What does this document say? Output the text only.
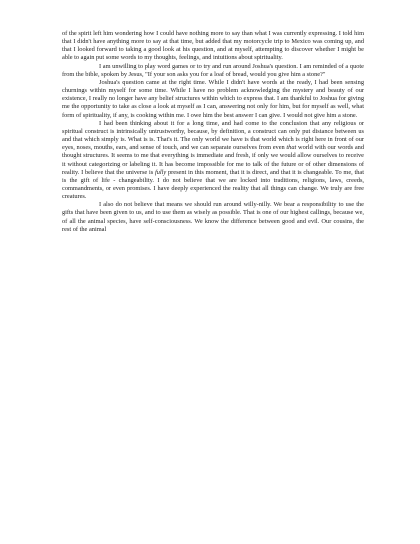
of the spirit left him wondering how I could have nothing more to say than what I was currently expressing. I told him that I didn't have anything more to say at that time, but added that my motorcycle trip to Mexico was coming up, and that I looked forward to taking a good look at his question, and at myself, attempting to discover whether I might be able to again put some words to my thoughts, feelings, and intuitions about spirituality.

I am unwilling to play word games or to try and run around Joshua's question. I am reminded of a quote from the bible, spoken by Jesus, "If your son asks you for a loaf of bread, would you give him a stone?"

Joshua's question came at the right time. While I didn't have words at the ready, I had been sensing churnings within myself for some time. While I have no problem acknowledging the mystery and beauty of our existence, I really no longer have any belief structures within which to express that. I am thankful to Joshua for giving me the opportunity to take as close a look at myself as I can, answering not only for him, but for myself as well, what form of spirituality, if any, is cooking within me. I owe him the best answer I can give. I would not give him a stone.

I had been thinking about it for a long time, and had come to the conclusion that any religious or spiritual construct is intrinsically untrustworthy, because, by definition, a construct can only put distance between us and that which simply is. What is is. That's it. The only world we have is that world which is right here in front of our eyes, noses, mouths, ears, and sense of touch, and we can separate ourselves from even that world with our words and thought structures. It seems to me that everything is immediate and fresh, if only we would allow ourselves to receive it without categorizing or labeling it. It has become impossible for me to talk of the future or of other dimensions of reality. I believe that the universe is fully present in this moment, that it is direct, and that it is changeable. To me, that is the gift of life - changeability. I do not believe that we are locked into traditions, religions, laws, creeds, commandments, or even promises. I have deeply experienced the reality that all things can change. We truly are free creatures.

I also do not believe that means we should run around willy-nilly. We bear a responsibility to use the gifts that have been given to us, and to use them as wisely as possible. That is one of our highest callings, because we, of all the animal species, have self-consciousness. We know the difference between good and evil. Our cousins, the rest of the animal
